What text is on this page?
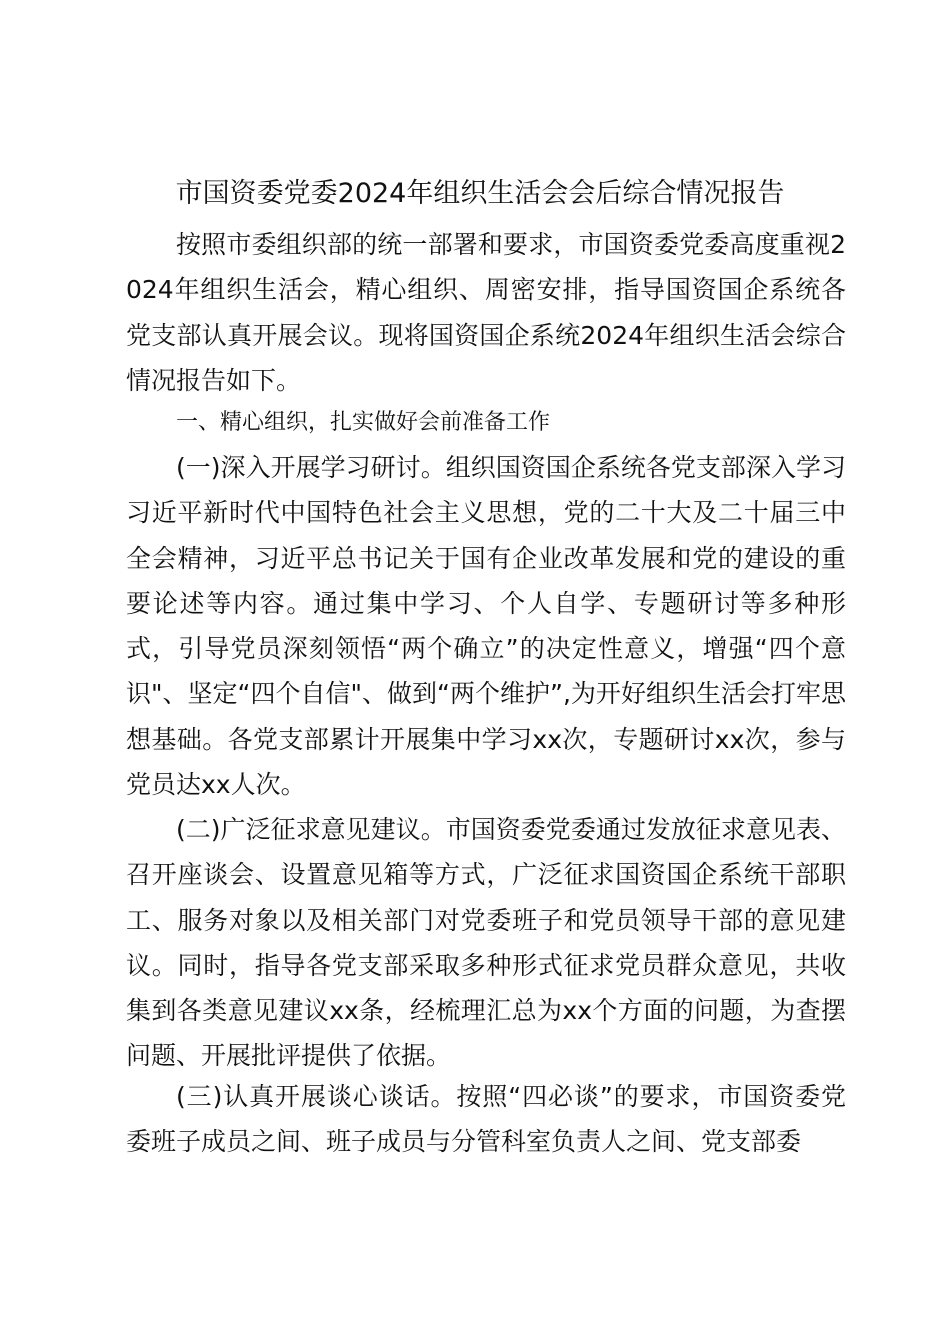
市国资委党委2024年组织生活会会后综合情况报告

按照市委组织部的统一部署和要求，市国资委党委高度重视2024年组织生活会，精心组织、周密安排，指导国资国企系统各党支部认真开展会议。现将国资国企系统2024年组织生活会综合情况报告如下。

一、精心组织，扎实做好会前准备工作

(一)深入开展学习研讨。组织国资国企系统各党支部深入学习习近平新时代中国特色社会主义思想，党的二十大及二十届三中全会精神，习近平总书记关于国有企业改革发展和党的建设的重要论述等内容。通过集中学习、个人自学、专题研讨等多种形式，引导党员深刻领悟“两个确立”的决定性意义，增强“四个意识"、坚定“四个自信"、做到“两个维护”,为开好组织生活会打牢思想基础。各党支部累计开展集中学习xx次，专题研讨xx次，参与党员达xx人次。

(二)广泛征求意见建议。市国资委党委通过发放征求意见表、召开座谈会、设置意见箱等方式，广泛征求国资国企系统干部职工、服务对象以及相关部门对党委班子和党员领导干部的意见建议。同时，指导各党支部采取多种形式征求党员群众意见，共收集到各类意见建议xx条，经梳理汇总为xx个方面的问题，为查摆问题、开展批评提供了依据。

(三)认真开展谈心谈话。按照“四必谈”的要求，市国资委党委班子成员之间、班子成员与分管科室负责人之间、党支部委
